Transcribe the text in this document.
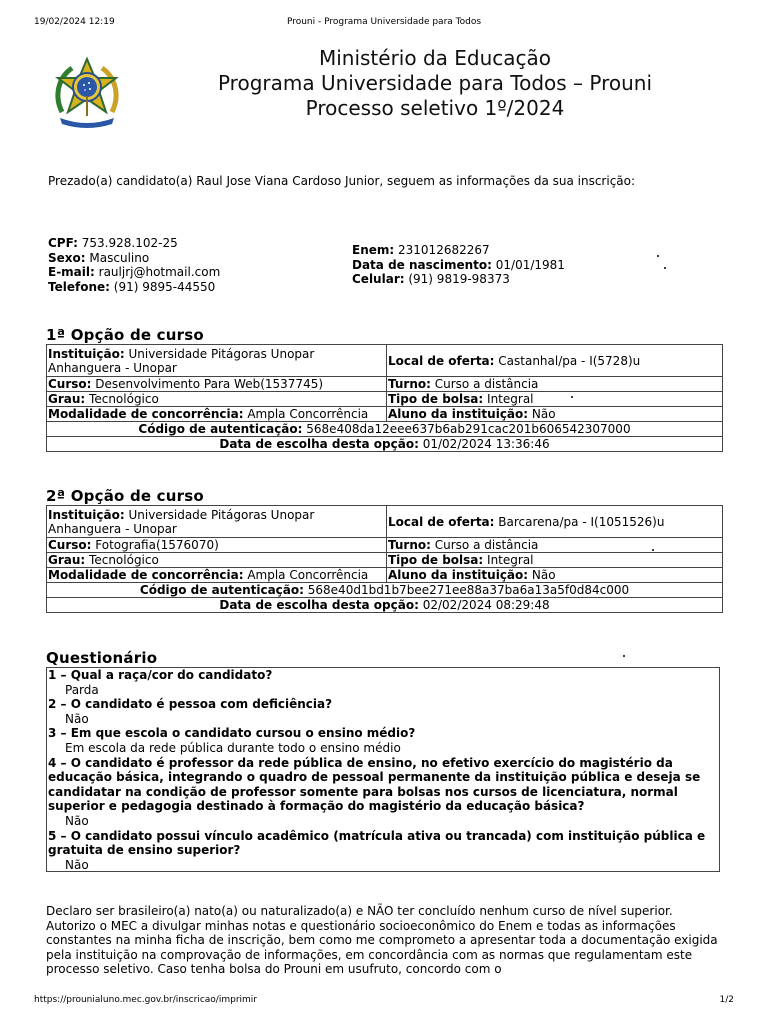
19/02/2024 12:19	Prouni - Programa Universidade para Todos
Ministério da Educação
Programa Universidade para Todos – Prouni
Processo seletivo 1º/2024
Prezado(a) candidato(a) Raul Jose Viana Cardoso Junior, seguem as informações da sua inscrição:
CPF: 753.928.102-25
Sexo: Masculino
E-mail: rauljrj@hotmail.com
Telefone: (91) 9895-44550
Enem: 231012682267
Data de nascimento: 01/01/1981
Celular: (91) 9819-98373
1ª Opção de curso
Instituição: Universidade Pitágoras Unopar Anhanguera - Unopar	Local de oferta: Castanhal/pa - I(5728)u
Curso: Desenvolvimento Para Web(1537745)	Turno: Curso a distância
Grau: Tecnológico	Tipo de bolsa: Integral
Modalidade de concorrência: Ampla Concorrência	Aluno da instituição: Não
Código de autenticação: 568e408da12eee637b6ab291cac201b606542307000	
Data de escolha desta opção: 01/02/2024 13:36:46	
2ª Opção de curso
Instituição: Universidade Pitágoras Unopar Anhanguera - Unopar	Local de oferta: Barcarena/pa - I(1051526)u
Curso: Fotografia(1576070)	Turno: Curso a distância
Grau: Tecnológico	Tipo de bolsa: Integral
Modalidade de concorrência: Ampla Concorrência	Aluno da instituição: Não
Código de autenticação: 568e40d1bd1b7bee271ee88a37ba6a13a5f0d84c000	
Data de escolha desta opção: 02/02/2024 08:29:48	
Questionário
1 – Qual a raça/cor do candidato?
Parda
2 – O candidato é pessoa com deficiência?
Não
3 – Em que escola o candidato cursou o ensino médio?
Em escola da rede pública durante todo o ensino médio
4 – O candidato é professor da rede pública de ensino, no efetivo exercício do magistério da educação básica, integrando o quadro de pessoal permanente da instituição pública e deseja se candidatar na condição de professor somente para bolsas nos cursos de licenciatura, normal superior e pedagogia destinado à formação do magistério da educação básica?
Não
5 – O candidato possui vínculo acadêmico (matrícula ativa ou trancada) com instituição pública e gratuita de ensino superior?
Não
Declaro ser brasileiro(a) nato(a) ou naturalizado(a) e NÃO ter concluído nenhum curso de nível superior. Autorizo o MEC a divulgar minhas notas e questionário socioeconômico do Enem e todas as informações constantes na minha ficha de inscrição, bem como me comprometo a apresentar toda a documentação exigida pela instituição na comprovação de informações, em concordância com as normas que regulamentam este processo seletivo. Caso tenha bolsa do Prouni em usufruto, concordo com o
https://prounialuno.mec.gov.br/inscricao/imprimir	1/2
